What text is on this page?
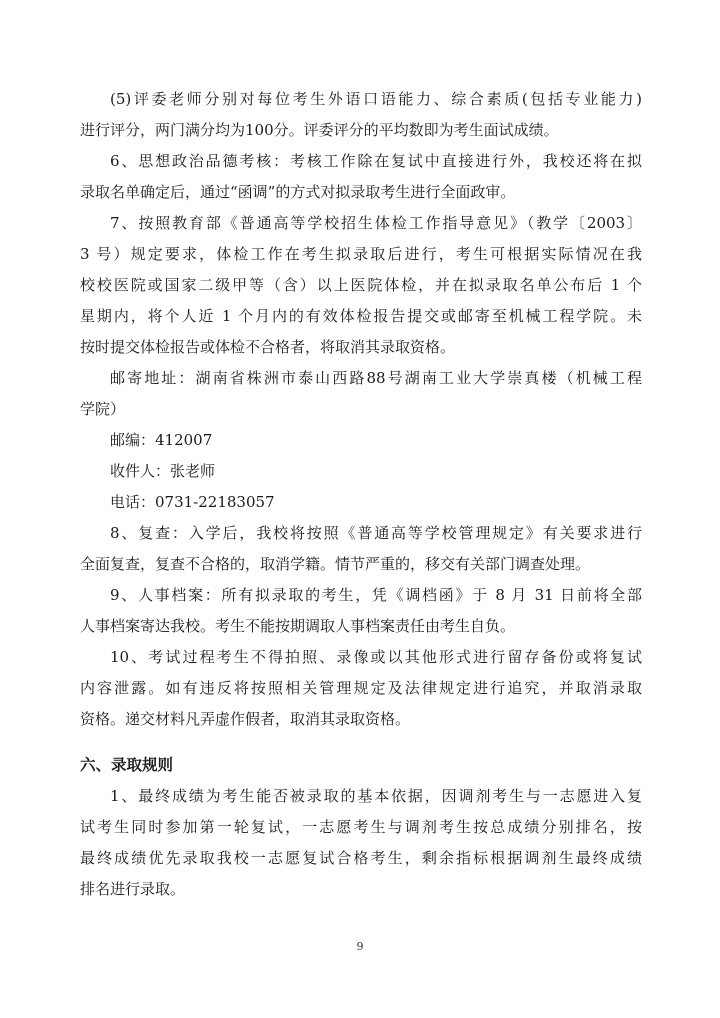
(5)评委老师分别对每位考生外语口语能力、综合素质(包括专业能力)
进行评分，两门满分均为100分。评委评分的平均数即为考生面试成绩。

6、思想政治品德考核：考核工作除在复试中直接进行外，我校还将在拟
录取名单确定后，通过“函调”的方式对拟录取考生进行全面政审。

7、按照教育部《普通高等学校招生体检工作指导意见》（教学〔2003〕
3 号）规定要求，体检工作在考生拟录取后进行，考生可根据实际情况在我
校校医院或国家二级甲等（含）以上医院体检，并在拟录取名单公布后 1 个
星期内，将个人近 1 个月内的有效体检报告提交或邮寄至机械工程学院。未
按时提交体检报告或体检不合格者，将取消其录取资格。

邮寄地址：湖南省株洲市泰山西路88号湖南工业大学崇真楼（机械工程
学院）

邮编：412007

收件人：张老师

电话：0731-22183057

8、复查：入学后，我校将按照《普通高等学校管理规定》有关要求进行
全面复查，复查不合格的，取消学籍。情节严重的，移交有关部门调查处理。

9、人事档案：所有拟录取的考生，凭《调档函》于 8 月 31 日前将全部
人事档案寄达我校。考生不能按期调取人事档案责任由考生自负。

10、考试过程考生不得拍照、录像或以其他形式进行留存备份或将复试
内容泄露。如有违反将按照相关管理规定及法律规定进行追究，并取消录取
资格。递交材料凡弄虚作假者，取消其录取资格。

六、录取规则

1、最终成绩为考生能否被录取的基本依据，因调剂考生与一志愿进入复
试考生同时参加第一轮复试，一志愿考生与调剂考生按总成绩分别排名，按
最终成绩优先录取我校一志愿复试合格考生，剩余指标根据调剂生最终成绩
排名进行录取。

9
